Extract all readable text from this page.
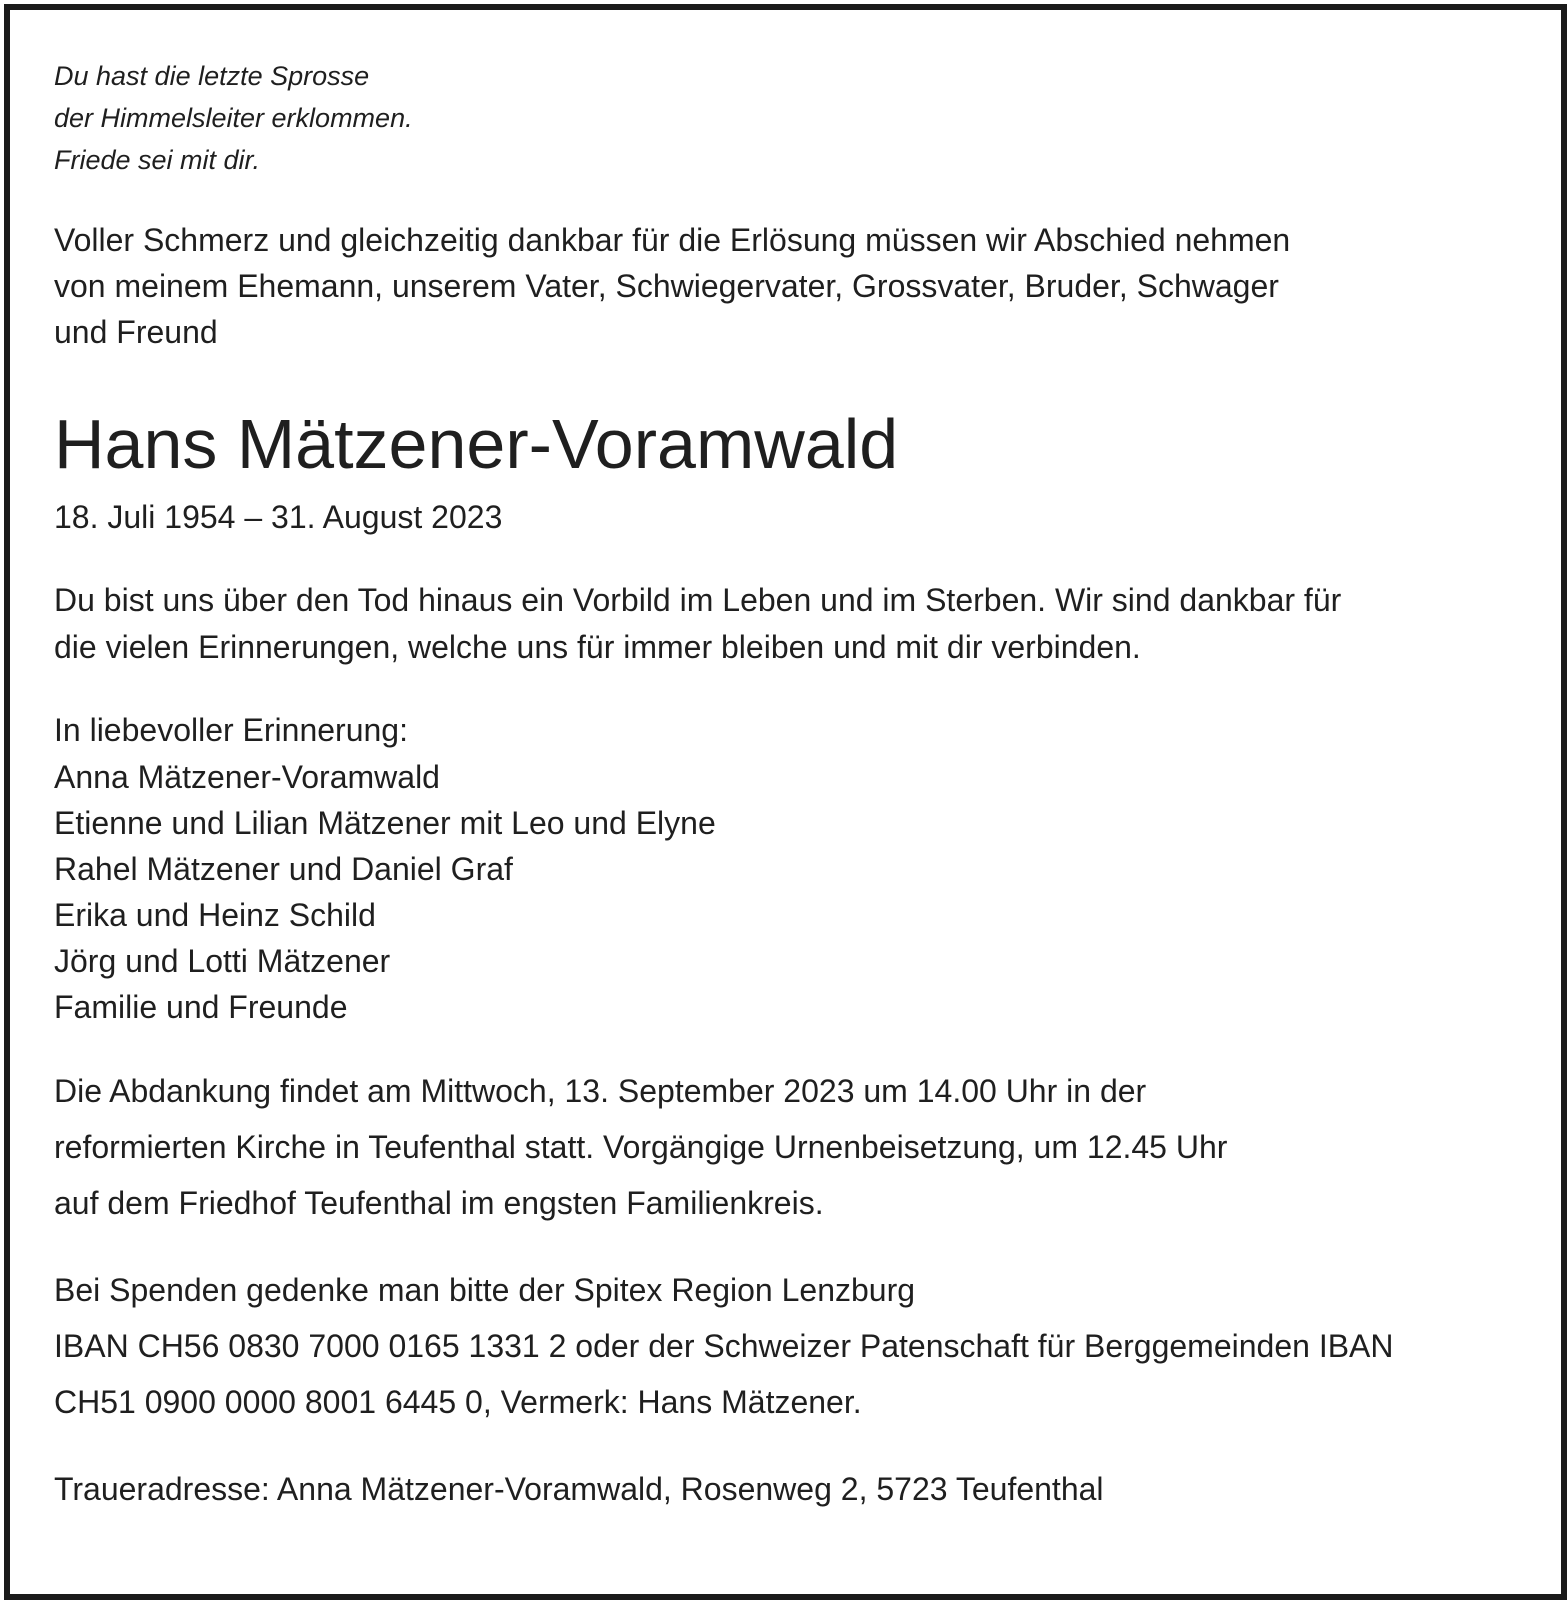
Du hast die letzte Sprosse
der Himmelsleiter erklommen.
Friede sei mit dir.
Voller Schmerz und gleichzeitig dankbar für die Erlösung müssen wir Abschied nehmen
von meinem Ehemann, unserem Vater, Schwiegervater, Grossvater, Bruder, Schwager
und Freund
Hans Mätzener-Voramwald
18. Juli 1954 – 31. August 2023
Du bist uns über den Tod hinaus ein Vorbild im Leben und im Sterben. Wir sind dankbar für
die vielen Erinnerungen, welche uns für immer bleiben und mit dir verbinden.
In liebevoller Erinnerung:
Anna Mätzener-Voramwald
Etienne und Lilian Mätzener mit Leo und Elyne
Rahel Mätzener und Daniel Graf
Erika und Heinz Schild
Jörg und Lotti Mätzener
Familie und Freunde
Die Abdankung findet am Mittwoch, 13. September 2023 um 14.00 Uhr in der
reformierten Kirche in Teufenthal statt. Vorgängige Urnenbeisetzung, um 12.45 Uhr
auf dem Friedhof Teufenthal im engsten Familienkreis.
Bei Spenden gedenke man bitte der Spitex Region Lenzburg
IBAN CH56 0830 7000 0165 1331 2 oder der Schweizer Patenschaft für Berggemeinden IBAN
CH51 0900 0000 8001 6445 0, Vermerk: Hans Mätzener.
Traueradresse: Anna Mätzener-Voramwald, Rosenweg 2, 5723 Teufenthal
